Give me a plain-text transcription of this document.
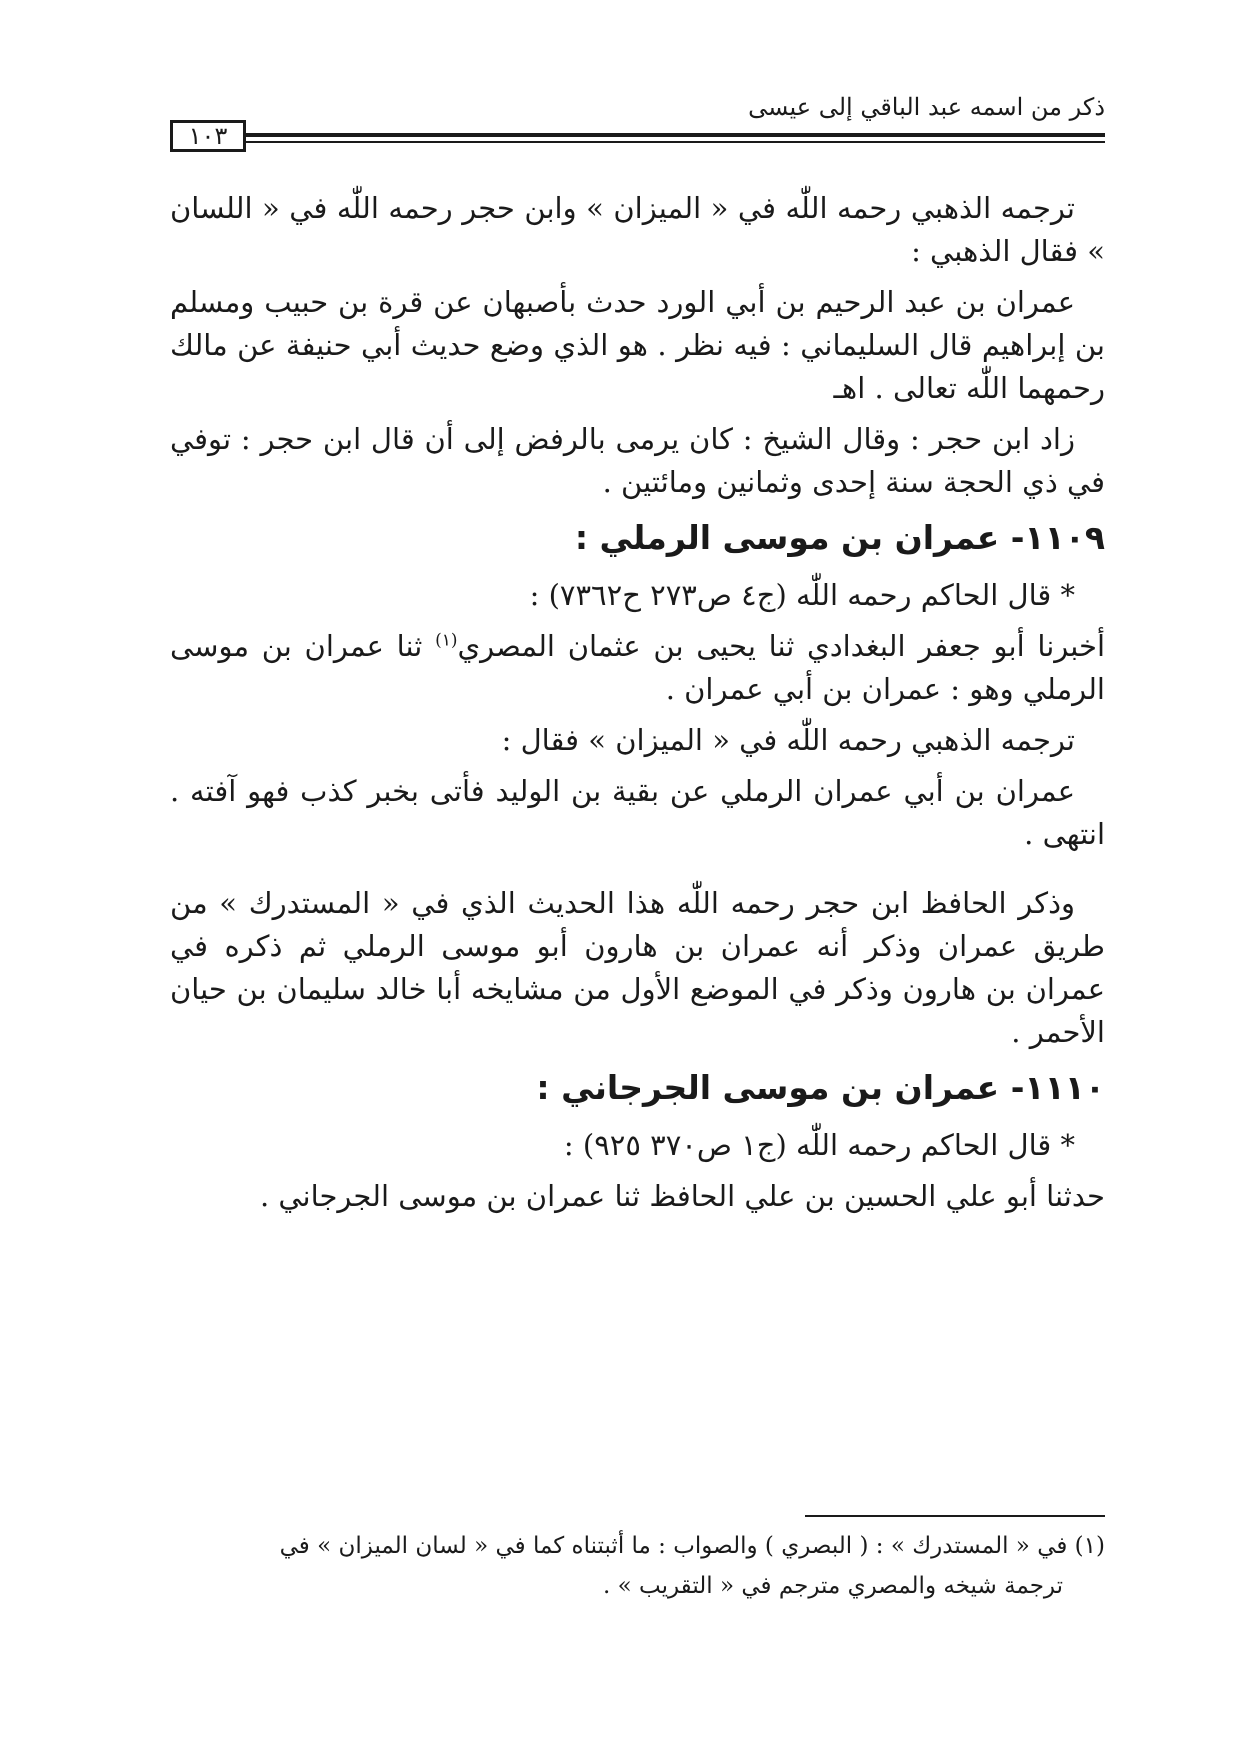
ذكر من اسمه عبد الباقي إلى عيسى
١٠٣

ترجمه الذهبي رحمه اللّٰه في « الميزان » وابن حجر رحمه اللّٰه في « اللسان » فقال الذهبي :

عمران بن عبد الرحيم بن أبي الورد حدث بأصبهان عن قرة بن حبيب ومسلم بن إبراهيم قال السليماني : فيه نظر . هو الذي وضع حديث أبي حنيفة عن مالك رحمهما اللّٰه تعالى . اهـ

زاد ابن حجر : وقال الشيخ : كان يرمى بالرفض إلى أن قال ابن حجر : توفي في ذي الحجة سنة إحدى وثمانين ومائتين .

١١٠٩- عمران بن موسى الرملي :

* قال الحاكم رحمه اللّٰه (ج٤ ص٢٧٣ ح٧٣٦٢) :

أخبرنا أبو جعفر البغدادي ثنا يحيى بن عثمان المصري$^{(١)}$ ثنا عمران بن موسى الرملي وهو : عمران بن أبي عمران .

ترجمه الذهبي رحمه اللّٰه في « الميزان » فقال :

عمران بن أبي عمران الرملي عن بقية بن الوليد فأتى بخبر كذب فهو آفته . انتهى .

وذكر الحافظ ابن حجر رحمه اللّٰه هذا الحديث الذي في « المستدرك » من طريق عمران وذكر أنه عمران بن هارون أبو موسى الرملي ثم ذكره في عمران بن هارون وذكر في الموضع الأول من مشايخه أبا خالد سليمان بن حيان الأحمر .

١١١٠- عمران بن موسى الجرجاني :

* قال الحاكم رحمه اللّٰه (ج١ ص٣٧٠ ٩٢٥) :

حدثنا أبو علي الحسين بن علي الحافظ ثنا عمران بن موسى الجرجاني .

(١) في « المستدرك » : ( البصري ) والصواب : ما أثبتناه كما في « لسان الميزان » في
ترجمة شيخه والمصري مترجم في « التقريب » .
